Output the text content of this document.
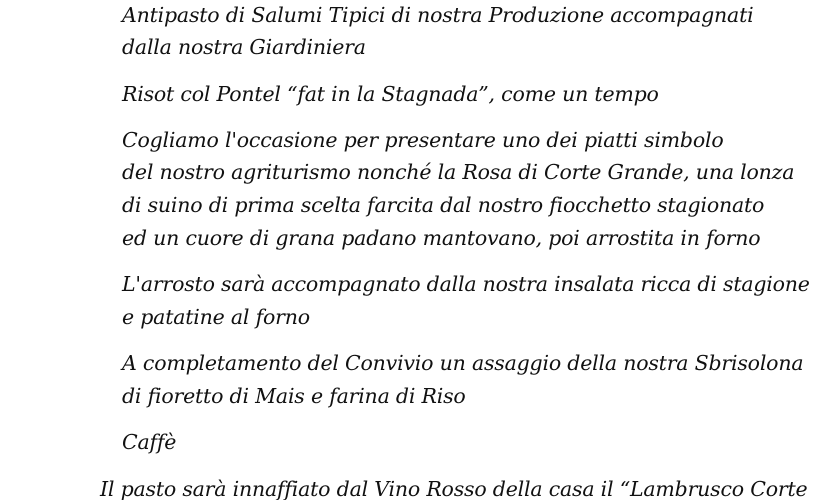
Antipasto di Salumi Tipici di nostra Produzione accompagnati
dalla nostra Giardiniera
Risot col Pontel “fat in la Stagnada”, come un tempo
Cogliamo l'occasione per presentare uno dei piatti simbolo
del nostro agriturismo nonché la Rosa di Corte Grande, una lonza
di suino di prima scelta farcita dal nostro fiocchetto stagionato
ed un cuore di grana padano mantovano, poi arrostita in forno
L'arrosto sarà accompagnato dalla nostra insalata ricca di stagione
e patatine al forno
A completamento del Convivio un assaggio della nostra Sbrisolona
di fioretto di Mais e farina di Riso
Caffè
Il pasto sarà innaffiato dal Vino Rosso della casa il “Lambrusco Corte
